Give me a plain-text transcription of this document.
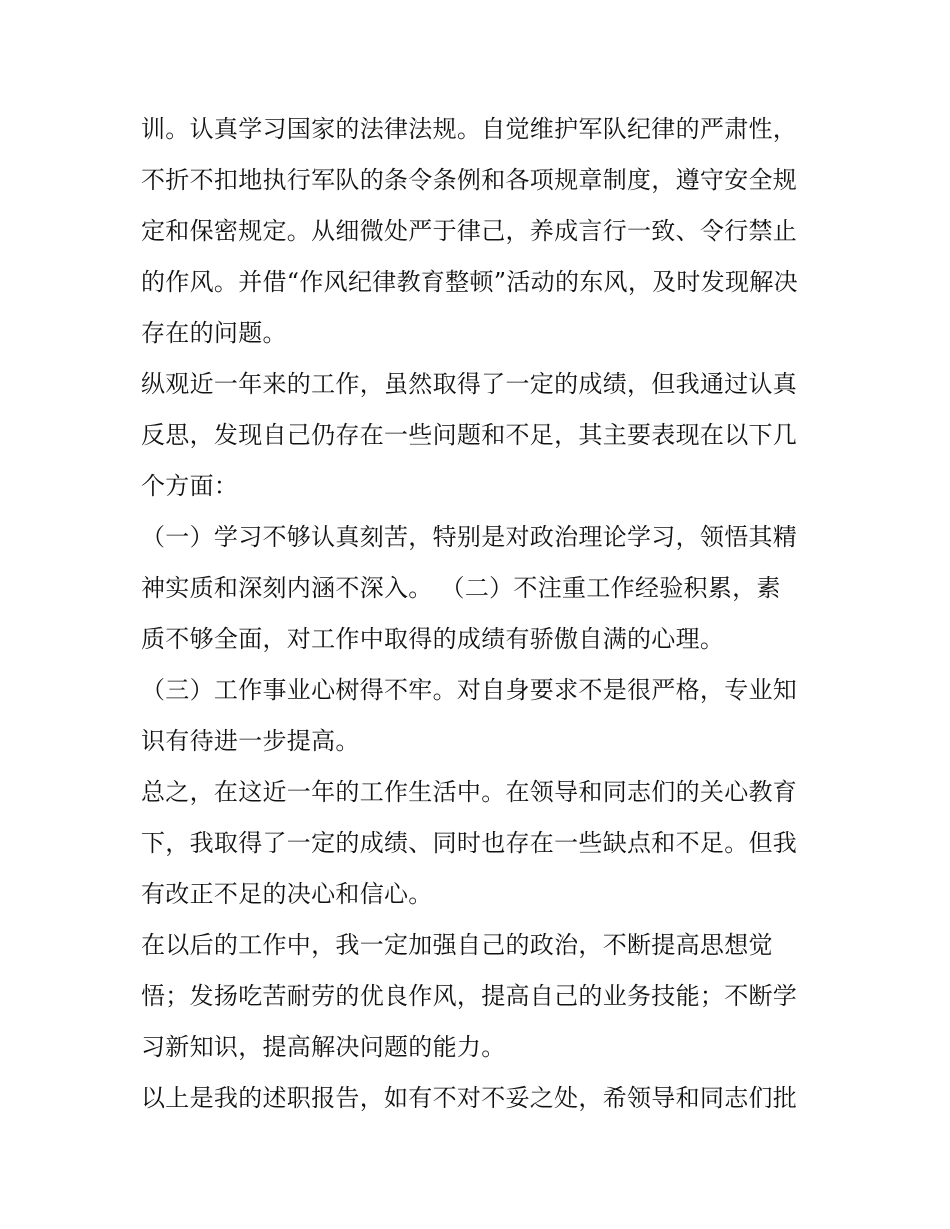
训。认真学习国家的法律法规。自觉维护军队纪律的严肃性，
不折不扣地执行军队的条令条例和各项规章制度，遵守安全规
定和保密规定。从细微处严于律己，养成言行一致、令行禁止
的作风。并借“作风纪律教育整顿”活动的东风，及时发现解决
存在的问题。
纵观近一年来的工作，虽然取得了一定的成绩，但我通过认真
反思，发现自己仍存在一些问题和不足，其主要表现在以下几
个方面：
（一）学习不够认真刻苦，特别是对政治理论学习，领悟其精
神实质和深刻内涵不深入。 （二）不注重工作经验积累，素
质不够全面，对工作中取得的成绩有骄傲自满的心理。
（三）工作事业心树得不牢。对自身要求不是很严格，专业知
识有待进一步提高。
总之，在这近一年的工作生活中。在领导和同志们的关心教育
下，我取得了一定的成绩、同时也存在一些缺点和不足。但我
有改正不足的决心和信心。
在以后的工作中，我一定加强自己的政治，不断提高思想觉
悟；发扬吃苦耐劳的优良作风，提高自己的业务技能；不断学
习新知识，提高解决问题的能力。
以上是我的述职报告，如有不对不妥之处，希领导和同志们批
